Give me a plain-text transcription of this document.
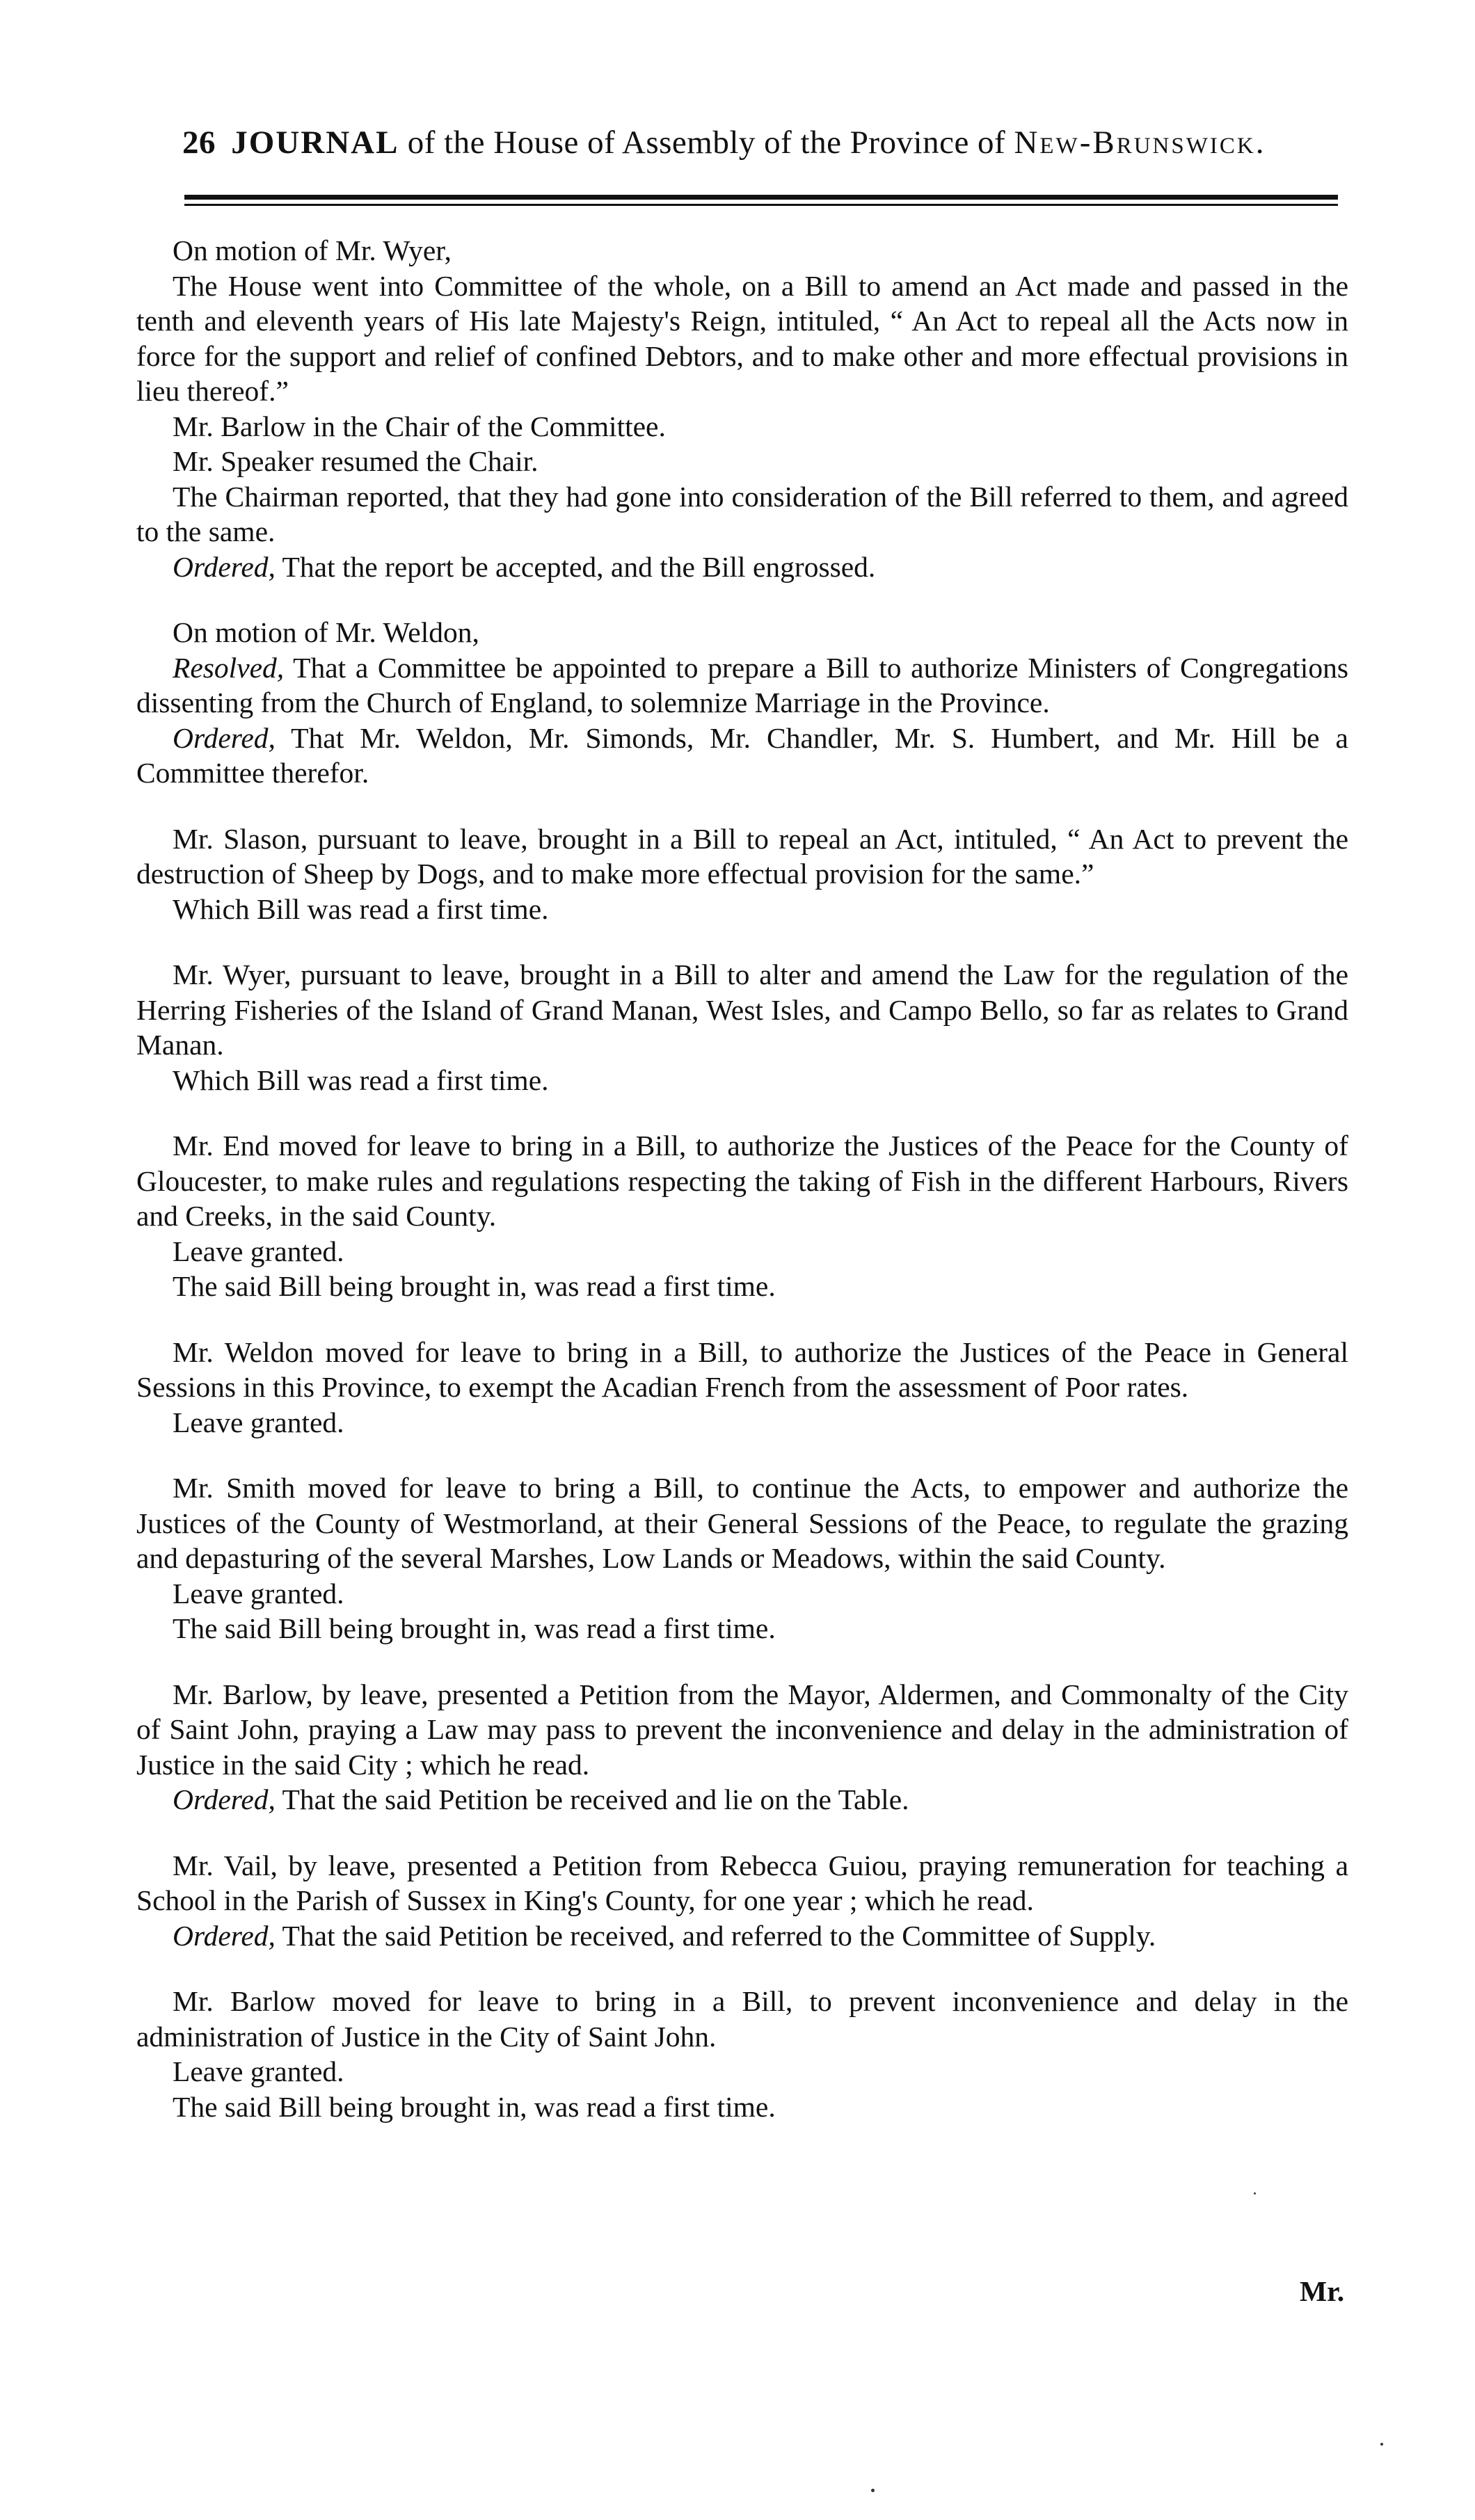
26 JOURNAL of the House of Assembly of the Province of New-Brunswick.

On motion of Mr. Wyer,

The House went into Committee of the whole, on a Bill to amend an Act made and passed in the tenth and eleventh years of His late Majesty's Reign, intituled, “ An Act to repeal all the Acts now in force for the support and relief of confined Debtors, and to make other and more effectual provisions in lieu thereof.”

Mr. Barlow in the Chair of the Committee.

Mr. Speaker resumed the Chair.

The Chairman reported, that they had gone into consideration of the Bill referred to them, and agreed to the same.

Ordered, That the report be accepted, and the Bill engrossed.

On motion of Mr. Weldon,

Resolved, That a Committee be appointed to prepare a Bill to authorize Ministers of Congregations dissenting from the Church of England, to solemnize Marriage in the Province.

Ordered, That Mr. Weldon, Mr. Simonds, Mr. Chandler, Mr. S. Humbert, and Mr. Hill be a Committee therefor.

Mr. Slason, pursuant to leave, brought in a Bill to repeal an Act, intituled, “ An Act to prevent the destruction of Sheep by Dogs, and to make more effectual provision for the same.”

Which Bill was read a first time.

Mr. Wyer, pursuant to leave, brought in a Bill to alter and amend the Law for the regulation of the Herring Fisheries of the Island of Grand Manan, West Isles, and Campo Bello, so far as relates to Grand Manan.

Which Bill was read a first time.

Mr. End moved for leave to bring in a Bill, to authorize the Justices of the Peace for the County of Gloucester, to make rules and regulations respecting the taking of Fish in the different Harbours, Rivers and Creeks, in the said County.

Leave granted.

The said Bill being brought in, was read a first time.

Mr. Weldon moved for leave to bring in a Bill, to authorize the Justices of the Peace in General Sessions in this Province, to exempt the Acadian French from the assessment of Poor rates.

Leave granted.

Mr. Smith moved for leave to bring a Bill, to continue the Acts, to empower and authorize the Justices of the County of Westmorland, at their General Sessions of the Peace, to regulate the grazing and depasturing of the several Marshes, Low Lands or Meadows, within the said County.

Leave granted.

The said Bill being brought in, was read a first time.

Mr. Barlow, by leave, presented a Petition from the Mayor, Aldermen, and Commonalty of the City of Saint John, praying a Law may pass to prevent the inconvenience and delay in the administration of Justice in the said City ; which he read.

Ordered, That the said Petition be received and lie on the Table.

Mr. Vail, by leave, presented a Petition from Rebecca Guiou, praying remuneration for teaching a School in the Parish of Sussex in King's County, for one year ; which he read.

Ordered, That the said Petition be received, and referred to the Committee of Supply.

Mr. Barlow moved for leave to bring in a Bill, to prevent inconvenience and delay in the administration of Justice in the City of Saint John.

Leave granted.

The said Bill being brought in, was read a first time.

Mr.
